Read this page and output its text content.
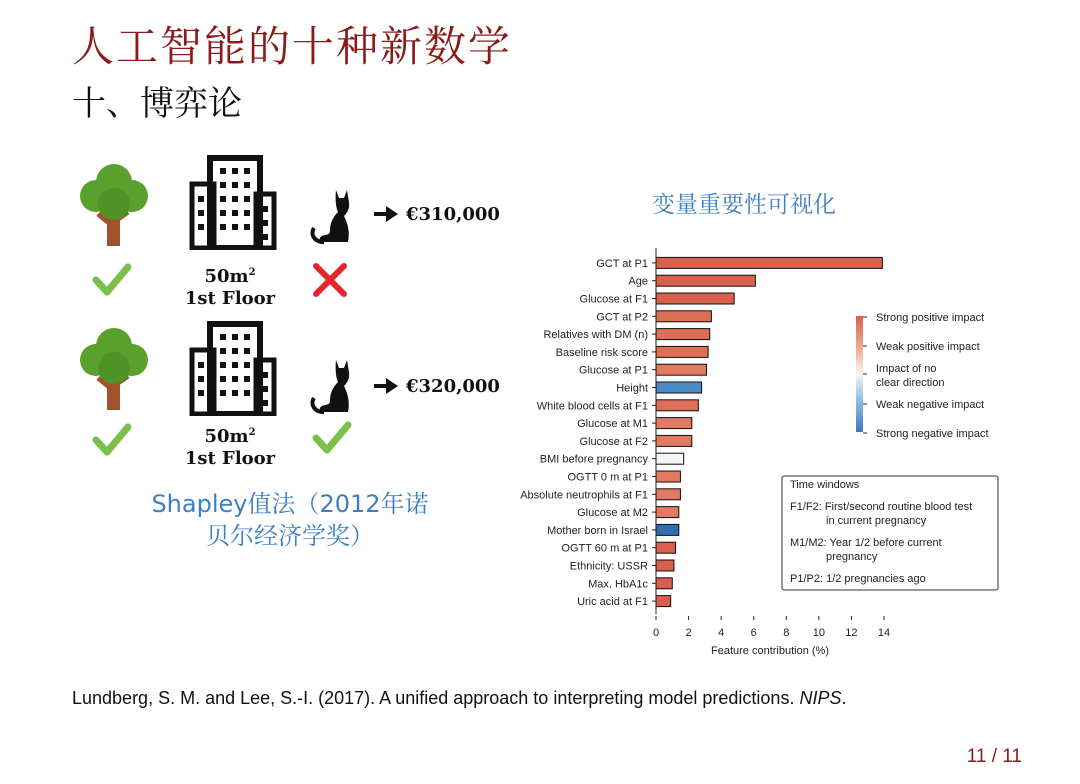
人工智能的十种新数学
十、博弈论
€310,000
$50m^2$
1st Floor
€320,000
$50m^2$
1st Floor
Shapley值法（2012年诺贝尔经济学奖）
变量重要性可视化
GCT at P1
Age
Glucose at F1
GCT at P2
Relatives with DM (n)
Baseline risk score
Glucose at P1
Height
White blood cells at F1
Glucose at M1
Glucose at F2
BMI before pregnancy
OGTT 0 m at P1
Absolute neutrophils at F1
Glucose at M2
Mother born in Israel
OGTT 60 m at P1
Ethnicity: USSR
Max. HbA1c
Uric acid at F1
0 2 4 6 8 10 12 14
Feature contribution (%)
Strong positive impact
Weak positive impact
Impact of no clear direction
Weak negative impact
Strong negative impact
Time windows
F1/F2: First/second routine blood test
in current pregnancy
M1/M2: Year 1/2 before current
pregnancy
P1/P2: 1/2 pregnancies ago
Lundberg, S. M. and Lee, S.-I. (2017). A unified approach to interpreting model predictions. NIPS.
11 / 11
